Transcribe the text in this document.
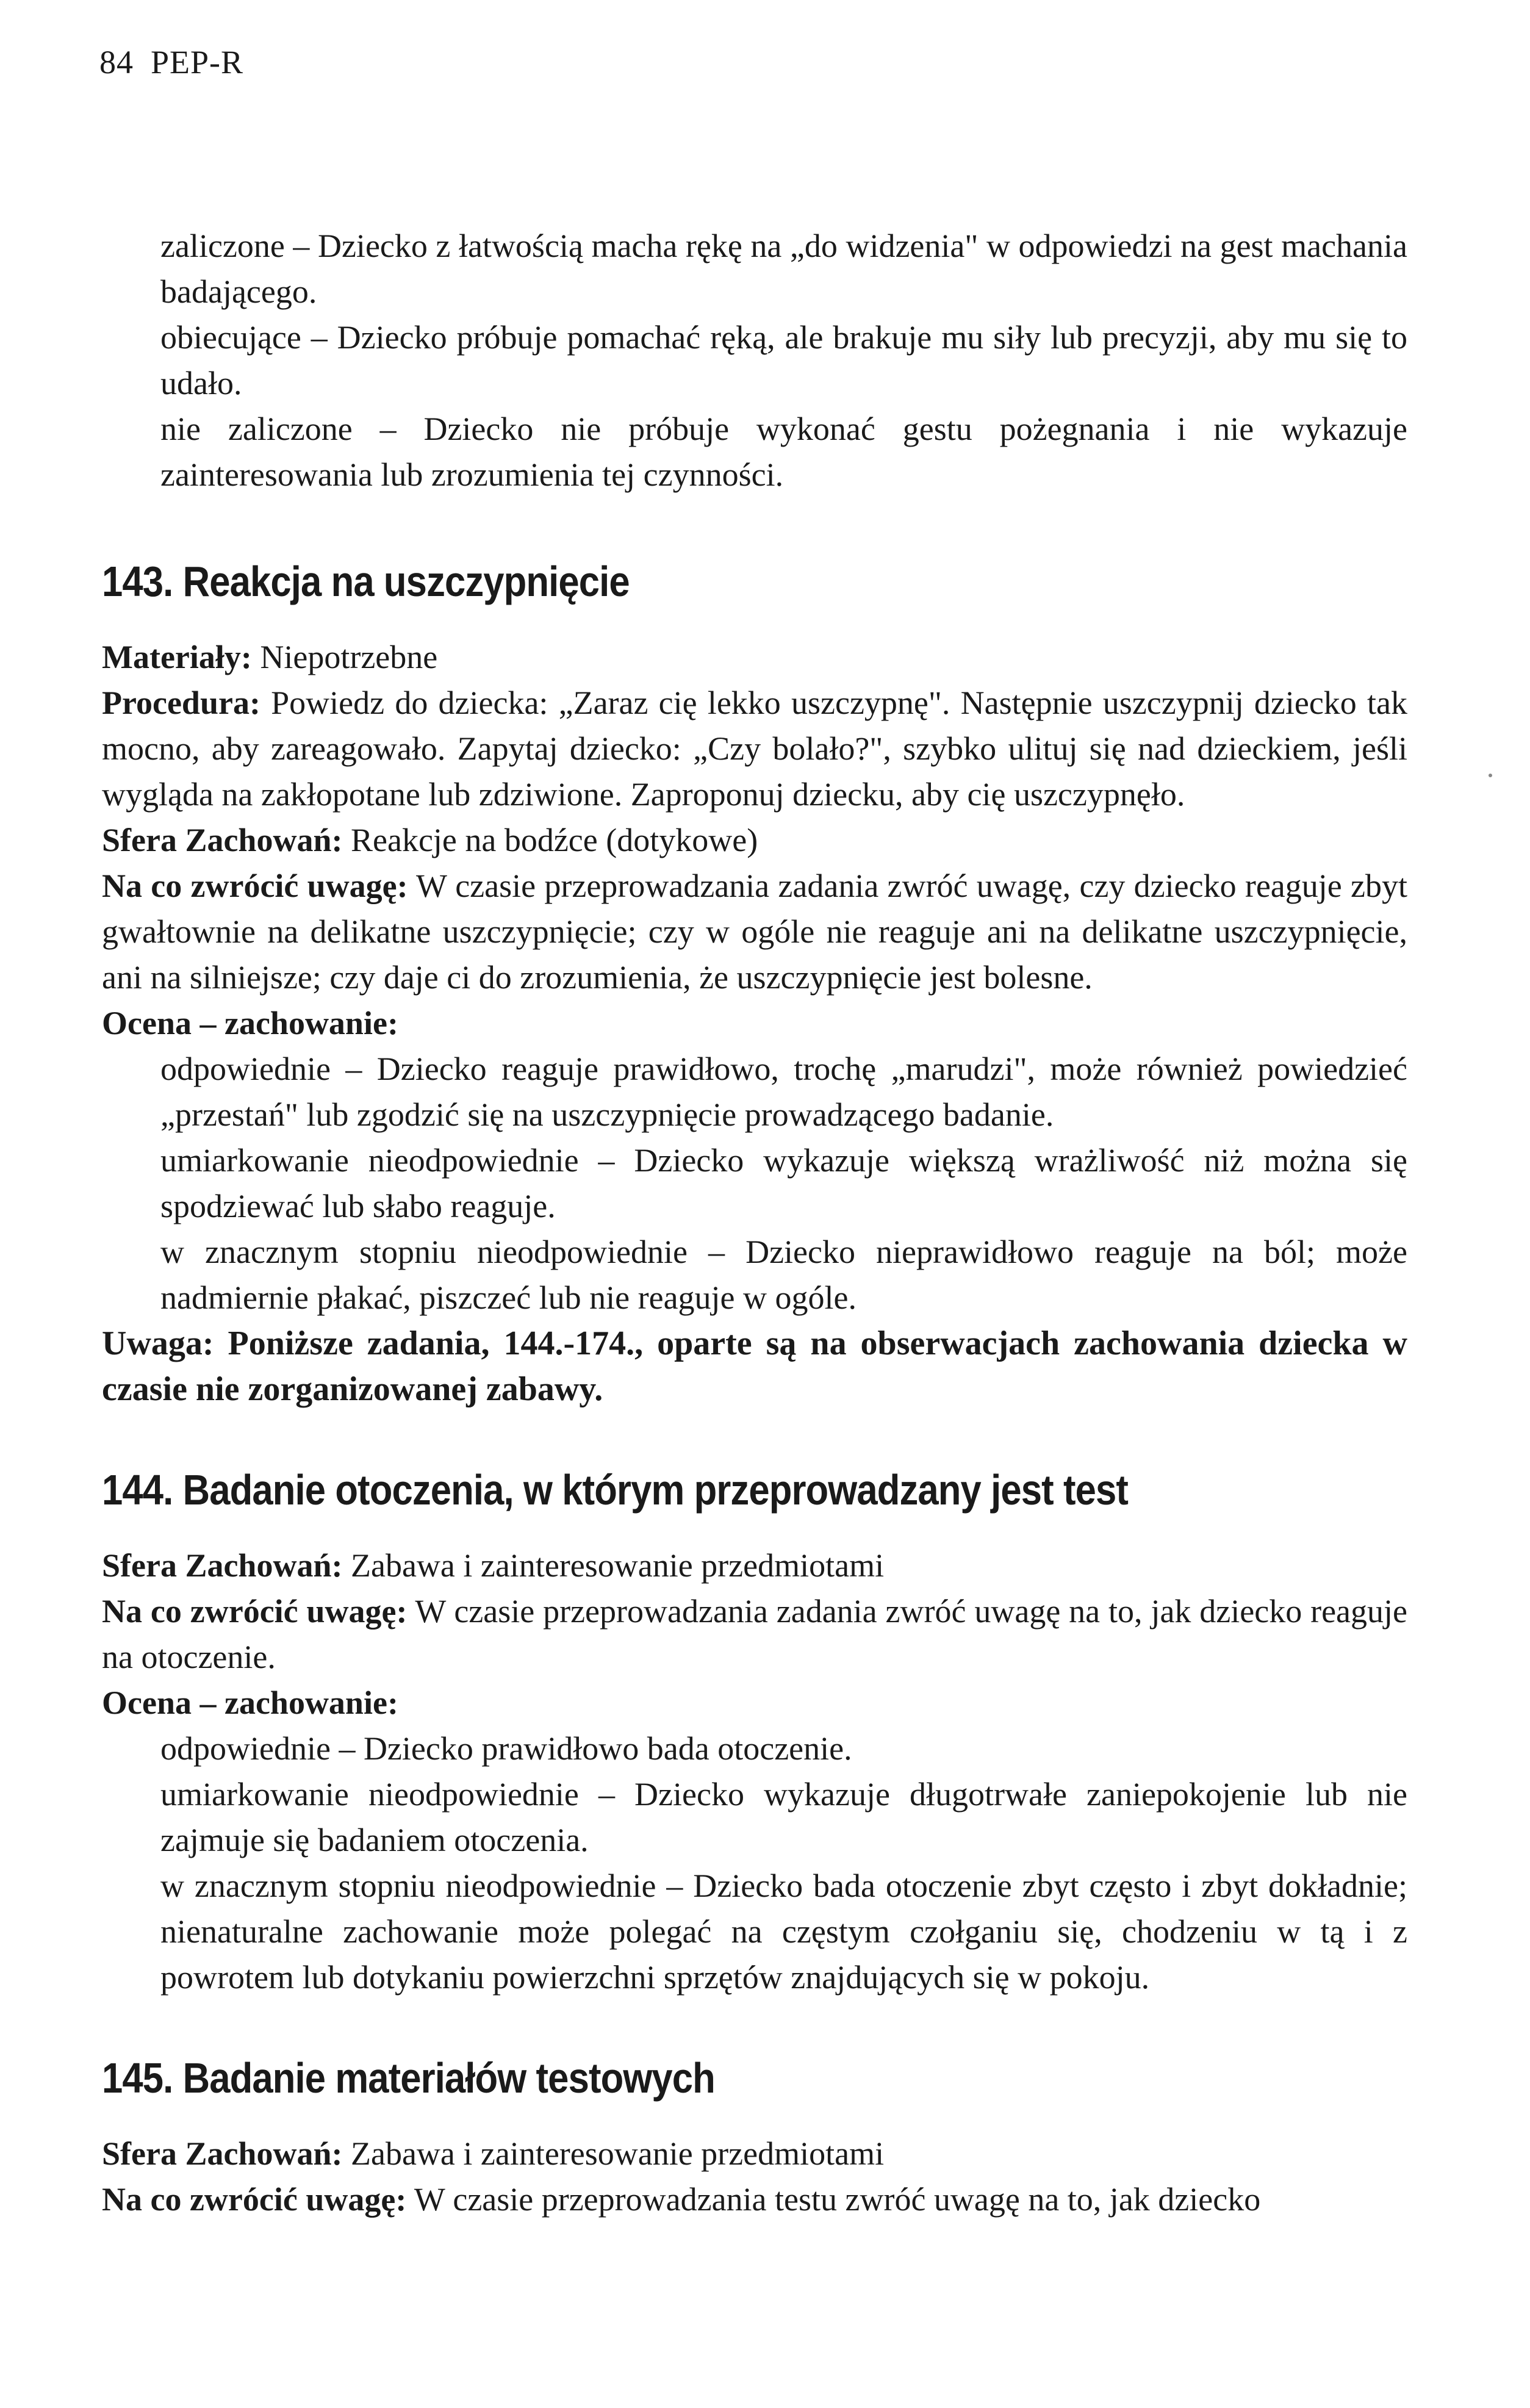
84 PEP-R

zaliczone – Dziecko z łatwością macha rękę na „do widzenia" w odpowiedzi na gest machania badającego.

obiecujące – Dziecko próbuje pomachać ręką, ale brakuje mu siły lub precyzji, aby mu się to udało.

nie zaliczone – Dziecko nie próbuje wykonać gestu pożegnania i nie wykazuje zainteresowania lub zrozumienia tej czynności.

143. Reakcja na uszczypnięcie

Materiały: Niepotrzebne

Procedura: Powiedz do dziecka: „Zaraz cię lekko uszczypnę". Następnie uszczypnij dziecko tak mocno, aby zareagowało. Zapytaj dziecko: „Czy bolało?", szybko ulituj się nad dzieckiem, jeśli wygląda na zakłopotane lub zdziwione. Zaproponuj dziecku, aby cię uszczypnęło.

Sfera Zachowań: Reakcje na bodźce (dotykowe)

Na co zwrócić uwagę: W czasie przeprowadzania zadania zwróć uwagę, czy dziecko reaguje zbyt gwałtownie na delikatne uszczypnięcie; czy w ogóle nie reaguje ani na delikatne uszczypnięcie, ani na silniejsze; czy daje ci do zrozumienia, że uszczypnięcie jest bolesne.

Ocena – zachowanie:

odpowiednie – Dziecko reaguje prawidłowo, trochę „marudzi", może również powiedzieć „przestań" lub zgodzić się na uszczypnięcie prowadzącego badanie.

umiarkowanie nieodpowiednie – Dziecko wykazuje większą wrażliwość niż można się spodziewać lub słabo reaguje.

w znacznym stopniu nieodpowiednie – Dziecko nieprawidłowo reaguje na ból; może nadmiernie płakać, piszczeć lub nie reaguje w ogóle.

Uwaga: Poniższe zadania, 144.-174., oparte są na obserwacjach zachowania dziecka w czasie nie zorganizowanej zabawy.

144. Badanie otoczenia, w którym przeprowadzany jest test

Sfera Zachowań: Zabawa i zainteresowanie przedmiotami

Na co zwrócić uwagę: W czasie przeprowadzania zadania zwróć uwagę na to, jak dziecko reaguje na otoczenie.

Ocena – zachowanie:

odpowiednie – Dziecko prawidłowo bada otoczenie.

umiarkowanie nieodpowiednie – Dziecko wykazuje długotrwałe zaniepokojenie lub nie zajmuje się badaniem otoczenia.

w znacznym stopniu nieodpowiednie – Dziecko bada otoczenie zbyt często i zbyt dokładnie; nienaturalne zachowanie może polegać na częstym czołganiu się, chodzeniu w tą i z powrotem lub dotykaniu powierzchni sprzętów znajdujących się w pokoju.

145. Badanie materiałów testowych

Sfera Zachowań: Zabawa i zainteresowanie przedmiotami

Na co zwrócić uwagę: W czasie przeprowadzania testu zwróć uwagę na to, jak dziecko
